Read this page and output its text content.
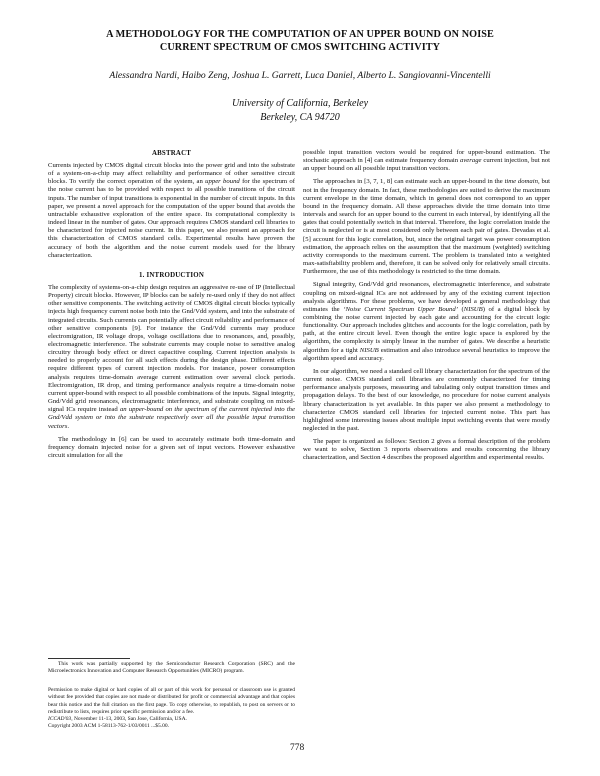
A METHODOLOGY FOR THE COMPUTATION OF AN UPPER BOUND ON NOISE
CURRENT SPECTRUM OF CMOS SWITCHING ACTIVITY
Alessandra Nardi, Haibo Zeng, Joshua L. Garrett, Luca Daniel, Alberto L. Sangiovanni-Vincentelli
University of California, Berkeley
Berkeley, CA 94720
ABSTRACT

Currents injected by CMOS digital circuit blocks into the power grid and into the substrate of a system-on-a-chip may affect reliability and performance of other sensitive circuit blocks. To verify the correct operation of the system, an upper bound for the spectrum of the noise current has to be provided with respect to all possible transitions of the circuit inputs. The number of input transitions is exponential in the number of circuit inputs. In this paper, we present a novel approach for the computation of the upper bound that avoids the untractable exhaustive exploration of the entire space. Its computational complexity is indeed linear in the number of gates. Our approach requires CMOS standard cell libraries to be characterized for injected noise current. In this paper, we also present an approach for this characterization of CMOS standard cells. Experimental results have proven the accuracy of both the algorithm and the noise current models used for the library characterization.

1. INTRODUCTION

The complexity of systems-on-a-chip design requires an aggressive re-use of IP (Intellectual Property) circuit blocks. However, IP blocks can be safely re-used only if they do not affect other sensitive components. The switching activity of CMOS digital circuit blocks typically injects high frequency current noise both into the Gnd/Vdd system, and into the substrate of integrated circuits. Such currents can potentially affect circuit reliability and performance of other sensitive components [9]. For instance the Gnd/Vdd currents may produce electromigration, IR voltage drops, voltage oscillations due to resonances, and, possibly, electromagnetic interference. The substrate currents may couple noise to sensitive analog circuitry through body effect or direct capacitive coupling. Current injection analysis is needed to properly account for all such effects during the design phase. Different effects require different types of current injection models. For instance, power consumption analysis requires time-domain average current estimation over several clock periods. Electromigration, IR drop, and timing performance analysis require a time-domain noise current upper-bound with respect to all possible combinations of the inputs. Signal integrity, Gnd/Vdd grid resonances, electromagnetic interference, and substrate coupling on mixed-signal ICs require instead an upper-bound on the spectrum of the current injected into the Gnd/Vdd system or into the substrate respectively over all the possible input transition vectors.

The methodology in [6] can be used to accurately estimate both time-domain and frequency domain injected noise for a given set of input vectors. However exhaustive circuit simulation for all the

This work was partially supported by the Semiconductor Research Corporation (SRC) and the Microelectronics Innovation and Computer Research Opportunities (MICRO) program.
Permission to make digital or hard copies of all or part of this work for personal or classroom use is granted without fee provided that copies are not made or distributed for profit or commercial advantage and that copies bear this notice and the full citation on the first page. To copy otherwise, to republish, to post on servers or to redistribute to lists, requires prior specific permission and/or a fee.
ICCAD'03, November 11-13, 2003, San Jose, California, USA.
Copyright 2003 ACM 1-58113-762-1/03/0011 ...$5.00.

possible input transition vectors would be required for upper-bound estimation. The stochastic approach in [4] can estimate frequency domain average current injection, but not an upper bound on all possible input transition vectors.

The approaches in [3, 7, 1, 8] can estimate such an upper-bound in the time domain, but not in the frequency domain. In fact, these methodologies are suited to derive the maximum current envelope in the time domain, which in general does not correspond to an upper bound in the frequency domain. All these approaches divide the time domain into time intervals and search for an upper bound to the current in each interval, by identifying all the gates that could potentially switch in that interval. Therefore, the logic correlation inside the circuit is neglected or is at most considered only between each pair of gates. Devadas et al. [5] account for this logic correlation, but, since the original target was power consumption estimation, the approach relies on the assumption that the maximum (weighted) switching activity corresponds to the maximum current. The problem is translated into a weighted max-satisfiability problem and, therefore, it can be solved only for relatively small circuits. Furthermore, the use of this methodology is restricted to the time domain.

Signal integrity, Gnd/Vdd grid resonances, electromagnetic interference, and substrate coupling on mixed-signal ICs are not addressed by any of the existing current injection analysis algorithms. For these problems, we have developed a general methodology that estimates the ‘Noise Current Spectrum Upper Bound’ (NISUB) of a digital block by combining the noise current injected by each gate and accounting for the circuit logic functionality. Our approach includes glitches and accounts for the logic correlation, path by path, at the entire circuit level. Even though the entire logic space is explored by the algorithm, the complexity is simply linear in the number of gates. We describe a heuristic algorithm for a tight NISUB estimation and also introduce several heuristics to improve the algorithm speed and accuracy.

In our algorithm, we need a standard cell library characterization for the spectrum of the current noise. CMOS standard cell libraries are commonly characterized for timing performance analysis purposes, measuring and tabulating only output transition times and propagation delays. To the best of our knowledge, no procedure for noise current analysis library characterization is yet available. In this paper we also present a methodology to characterize CMOS standard cell libraries for injected current noise. This part has highlighted some interesting issues about multiple input switching events that were mostly neglected in the past.

The paper is organized as follows: Section 2 gives a formal description of the problem we want to solve, Section 3 reports observations and results concerning the library characterization, and Section 4 describes the proposed algorithm and experimental results.

778
